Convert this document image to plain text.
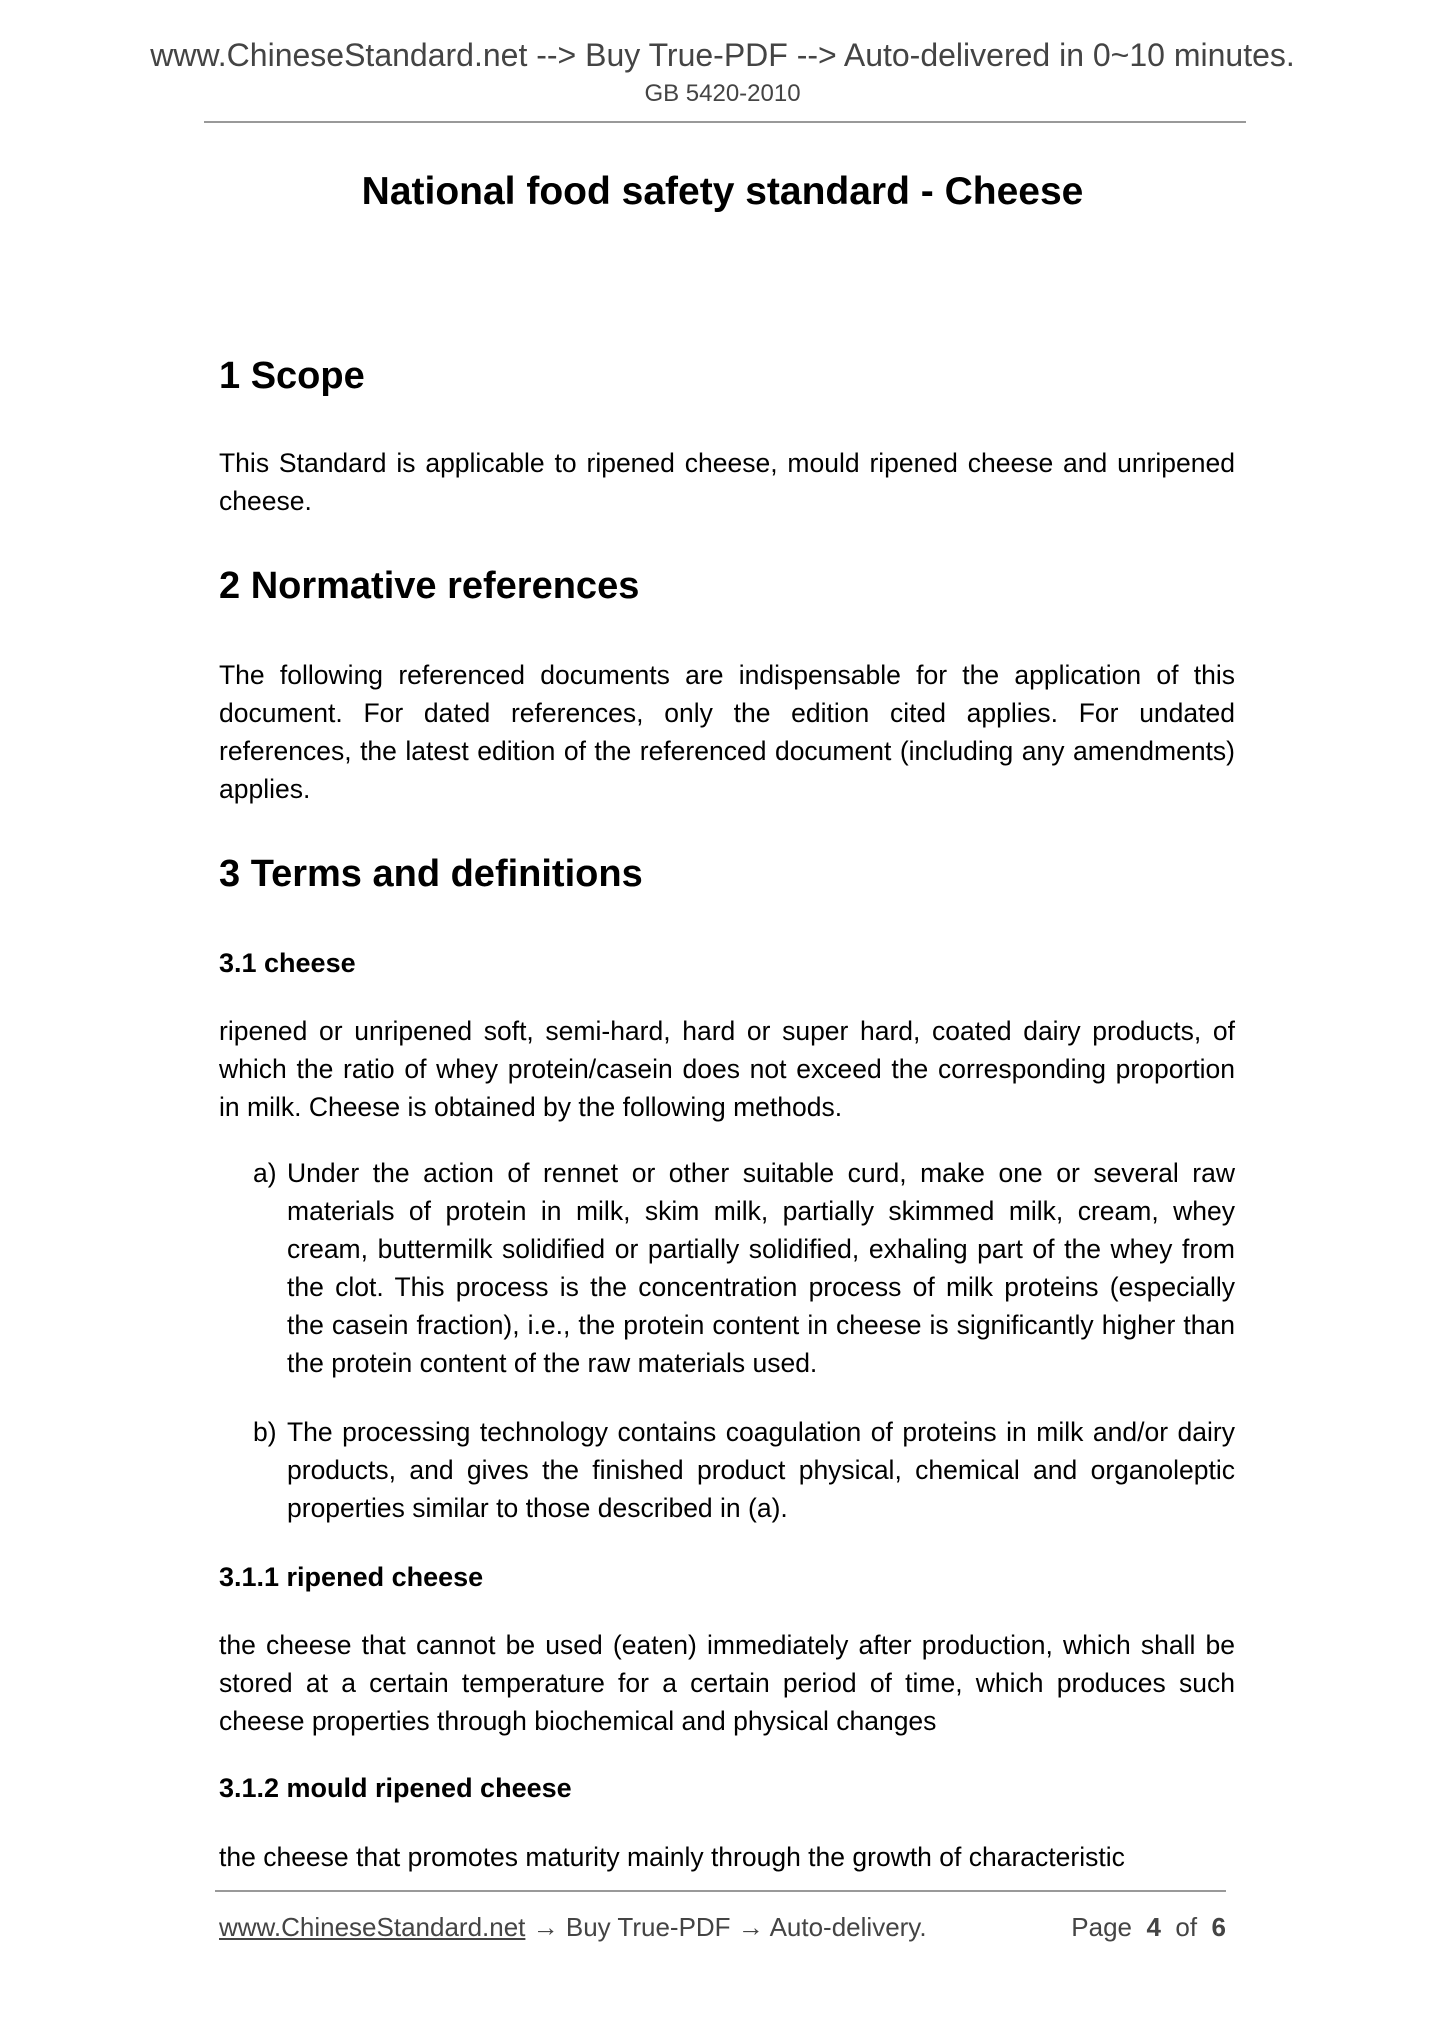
www.ChineseStandard.net --> Buy True-PDF --> Auto-delivered in 0~10 minutes.
GB 5420-2010
National food safety standard - Cheese
1 Scope
This Standard is applicable to ripened cheese, mould ripened cheese and unripened cheese.
2 Normative references
The following referenced documents are indispensable for the application of this document. For dated references, only the edition cited applies. For undated references, the latest edition of the referenced document (including any amendments) applies.
3 Terms and definitions
3.1 cheese
ripened or unripened soft, semi-hard, hard or super hard, coated dairy products, of which the ratio of whey protein/casein does not exceed the corresponding proportion in milk. Cheese is obtained by the following methods.
a) Under the action of rennet or other suitable curd, make one or several raw materials of protein in milk, skim milk, partially skimmed milk, cream, whey cream, buttermilk solidified or partially solidified, exhaling part of the whey from the clot. This process is the concentration process of milk proteins (especially the casein fraction), i.e., the protein content in cheese is significantly higher than the protein content of the raw materials used.
b) The processing technology contains coagulation of proteins in milk and/or dairy products, and gives the finished product physical, chemical and organoleptic properties similar to those described in (a).
3.1.1 ripened cheese
the cheese that cannot be used (eaten) immediately after production, which shall be stored at a certain temperature for a certain period of time, which produces such cheese properties through biochemical and physical changes
3.1.2 mould ripened cheese
the cheese that promotes maturity mainly through the growth of characteristic
www.ChineseStandard.net → Buy True-PDF → Auto-delivery.	Page 4 of 6
